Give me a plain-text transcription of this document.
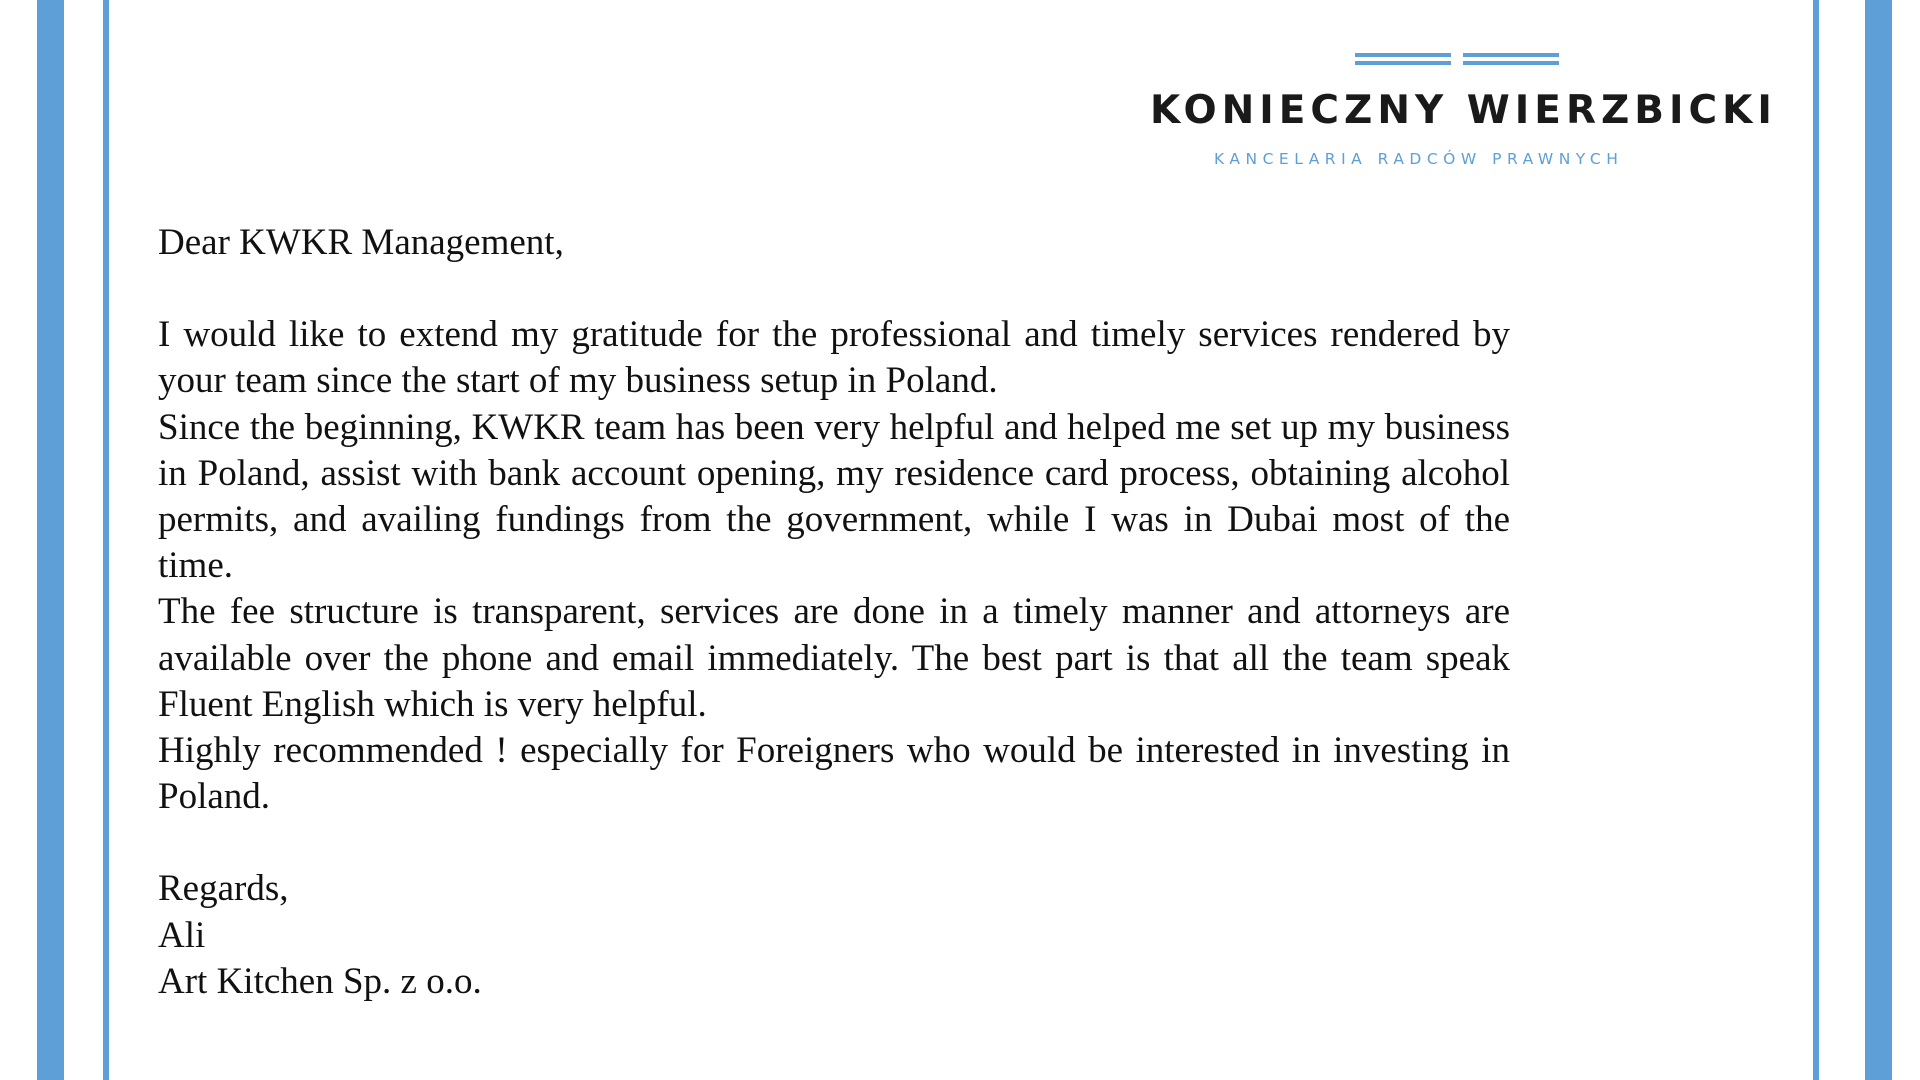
KONIECZNY WIERZBICKI
KANCELARIA RADCÓW PRAWNYCH

Dear KWKR Management,

I would like to extend my gratitude for the professional and timely services rendered by your team since the start of my business setup in Poland.

Since the beginning, KWKR team has been very helpful and helped me set up my business in Poland, assist with bank account opening, my residence card process, obtaining alcohol permits, and availing fundings from the government, while I was in Dubai most of the time.

The fee structure is transparent, services are done in a timely manner and attorneys are available over the phone and email immediately. The best part is that all the team speak Fluent English which is very helpful.

Highly recommended ! especially for Foreigners who would be interested in investing in Poland.

Regards,
Ali
Art Kitchen Sp. z o.o.
